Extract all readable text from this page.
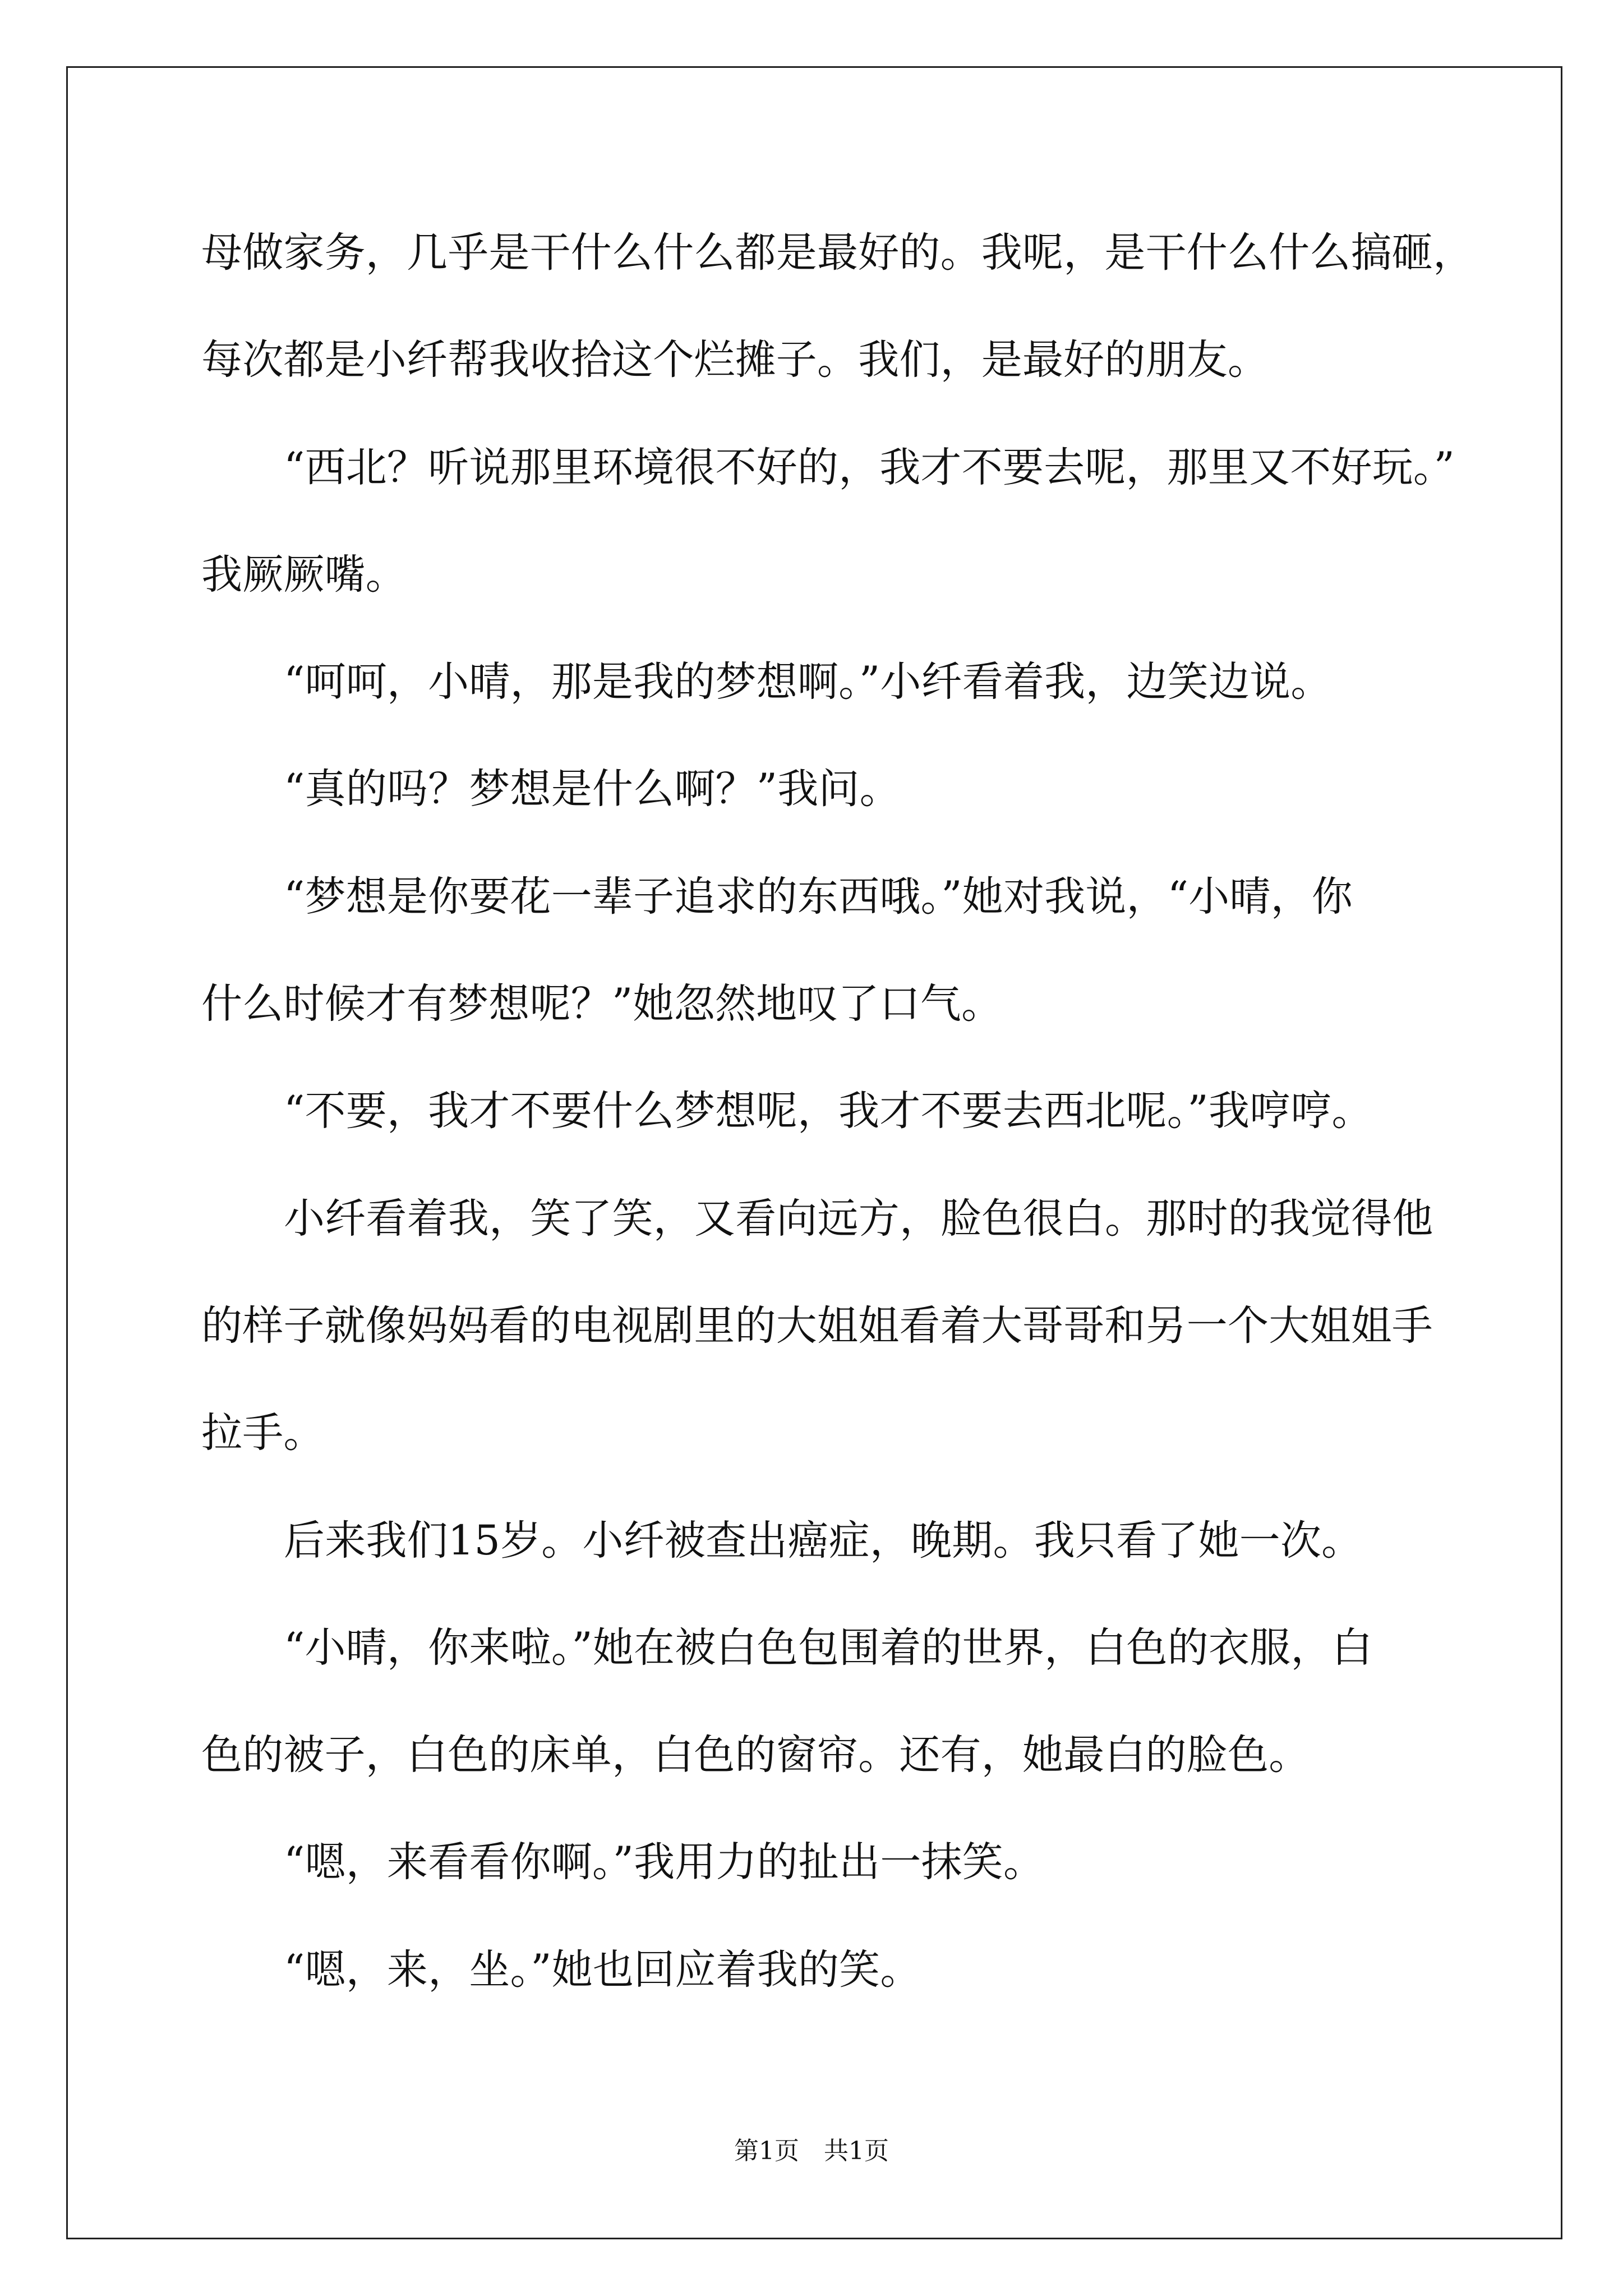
母做家务，几乎是干什么什么都是最好的。我呢，是干什么什么搞砸，
每次都是小纤帮我收拾这个烂摊子。我们，是最好的朋友。
“西北？听说那里环境很不好的，我才不要去呢，那里又不好玩。”
我厥厥嘴。
“呵呵，小晴，那是我的梦想啊。”小纤看着我，边笑边说。
“真的吗？梦想是什么啊？”我问。
“梦想是你要花一辈子追求的东西哦。”她对我说，“小晴，你
什么时候才有梦想呢？”她忽然地叹了口气。
“不要，我才不要什么梦想呢，我才不要去西北呢。”我哼哼。
小纤看着我，笑了笑，又看向远方，脸色很白。那时的我觉得他
的样子就像妈妈看的电视剧里的大姐姐看着大哥哥和另一个大姐姐手
拉手。
后来我们15岁。小纤被查出癌症，晚期。我只看了她一次。
“小晴，你来啦。”她在被白色包围着的世界，白色的衣服，白
色的被子，白色的床单，白色的窗帘。还有，她最白的脸色。
“嗯，来看看你啊。”我用力的扯出一抹笑。
“嗯，来，坐。”她也回应着我的笑。
第1页　共1页
